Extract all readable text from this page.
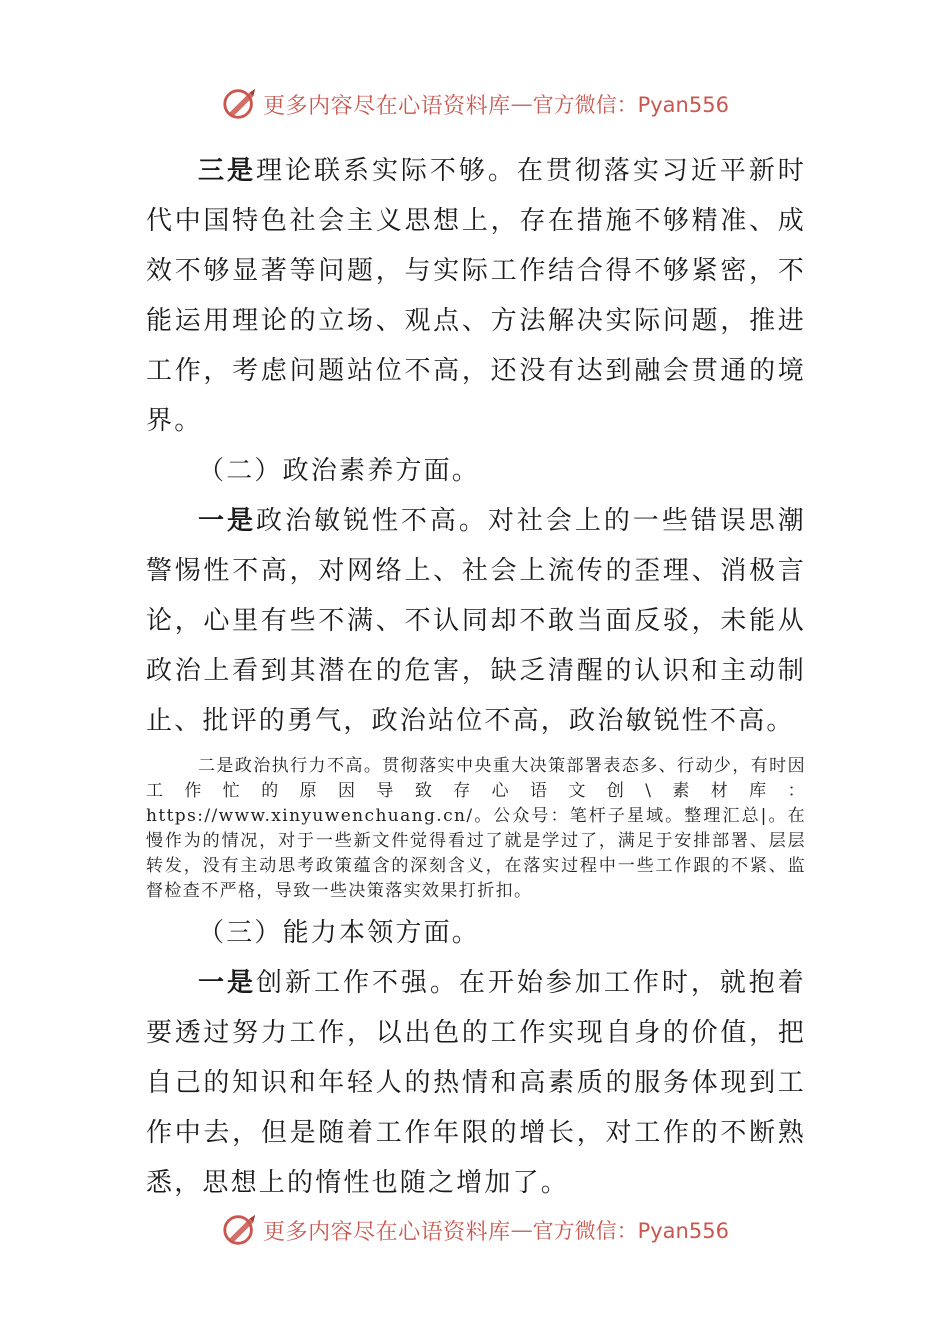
更多内容尽在心语资料库 — 官方微信：Pyan556

三是理论联系实际不够。在贯彻落实习近平新时代中国特色社会主义思想上，存在措施不够精准、成效不够显著等问题，与实际工作结合得不够紧密，不能运用理论的立场、观点、方法解决实际问题，推进工作，考虑问题站位不高，还没有达到融会贯通的境界。

（二）政治素养方面。

一是政治敏锐性不高。对社会上的一些错误思潮警惕性不高，对网络上、社会上流传的歪理、消极言论，心里有些不满、不认同却不敢当面反驳，未能从政治上看到其潜在的危害，缺乏清醒的认识和主动制止、批评的勇气，政治站位不高，政治敏锐性不高。

二是政治执行力不高。贯彻落实中央重大决策部署表态多、行动少，有时因工作忙的原因导致存心语文创\素材库：https://www.xinyuwenchuang.cn/。公众号：笔杆子星域。整理汇总|。在慢作为的情况，对于一些新文件觉得看过了就是学过了，满足于安排部署、层层转发，没有主动思考政策蕴含的深刻含义，在落实过程中一些工作跟的不紧、监督检查不严格，导致一些决策落实效果打折扣。

（三）能力本领方面。

一是创新工作不强。在开始参加工作时，就抱着要透过努力工作，以出色的工作实现自身的价值，把自己的知识和年轻人的热情和高素质的服务体现到工作中去，但是随着工作年限的增长，对工作的不断熟悉，思想上的惰性也随之增加了。

更多内容尽在心语资料库 — 官方微信：Pyan556
